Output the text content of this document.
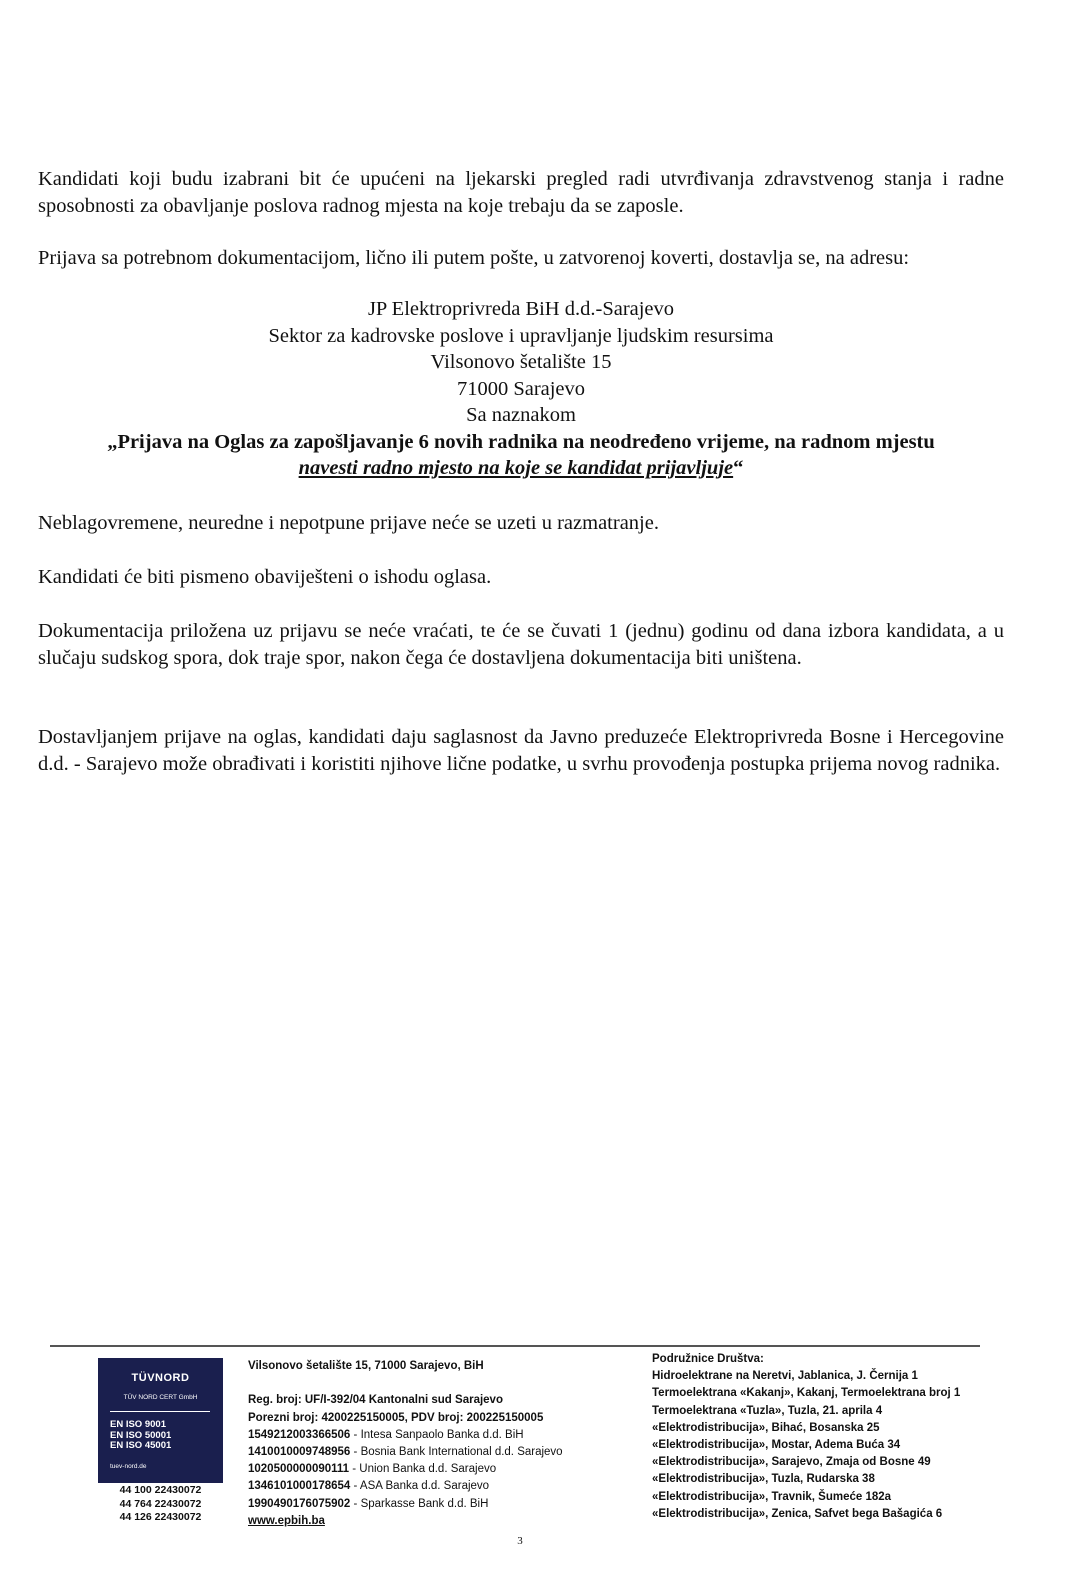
Kandidati koji budu izabrani bit će upućeni na ljekarski pregled radi utvrđivanja zdravstvenog stanja i radne sposobnosti za obavljanje poslova radnog mjesta na koje trebaju da se zaposle.

Prijava sa potrebnom dokumentacijom, lično ili putem pošte, u zatvorenoj koverti, dostavlja se, na adresu:

JP Elektroprivreda BiH d.d.-Sarajevo
Sektor za kadrovske poslove i upravljanje ljudskim resursima
Vilsonovo šetalište 15
71000 Sarajevo
Sa naznakom
„Prijava na Oglas za zapošljavanje 6 novih radnika na neodređeno vrijeme, na radnom mjestu
navesti radno mjesto na koje se kandidat prijavljuje“

Neblagovremene, neuredne i nepotpune prijave neće se uzeti u razmatranje.

Kandidati će biti pismeno obaviješteni o ishodu oglasa.

Dokumentacija priložena uz prijavu se neće vraćati, te će se čuvati 1 (jednu) godinu od dana izbora kandidata, a u slučaju sudskog spora, dok traje spor, nakon čega će dostavljena dokumentacija biti uništena.

Dostavljanjem prijave na oglas, kandidati daju saglasnost da Javno preduzeće Elektroprivreda Bosne i Hercegovine d.d. - Sarajevo može obrađivati i koristiti njihove lične podatke, u svrhu provođenja postupka prijema novog radnika.

TÜVNORD
TÜV NORD CERT GmbH
EN ISO 9001
EN ISO 50001
EN ISO 45001
tuev-nord.de
44 100 22430072
44 764 22430072
44 126 22430072
Vilsonovo šetalište 15, 71000 Sarajevo, BiH
Reg. broj: UF/I-392/04 Kantonalni sud Sarajevo
Porezni broj: 4200225150005, PDV broj: 200225150005
1549212003366506 - Intesa Sanpaolo Banka d.d. BiH
1410010009748956 - Bosnia Bank International d.d. Sarajevo
1020500000090111 - Union Banka d.d. Sarajevo
1346101000178654 - ASA Banka d.d. Sarajevo
1990490176075902 - Sparkasse Bank d.d. BiH
www.epbih.ba
Podružnice Društva:
Hidroelektrane na Neretvi, Jablanica, J. Černija 1
Termoelektrana «Kakanj», Kakanj, Termoelektrana broj 1
Termoelektrana «Tuzla», Tuzla, 21. aprila 4
«Elektrodistribucija», Bihać, Bosanska 25
«Elektrodistribucija», Mostar, Adema Buća 34
«Elektrodistribucija», Sarajevo, Zmaja od Bosne 49
«Elektrodistribucija», Tuzla, Rudarska 38
«Elektrodistribucija», Travnik, Šumeće 182a
«Elektrodistribucija», Zenica, Safvet bega Bašagića 6
3
